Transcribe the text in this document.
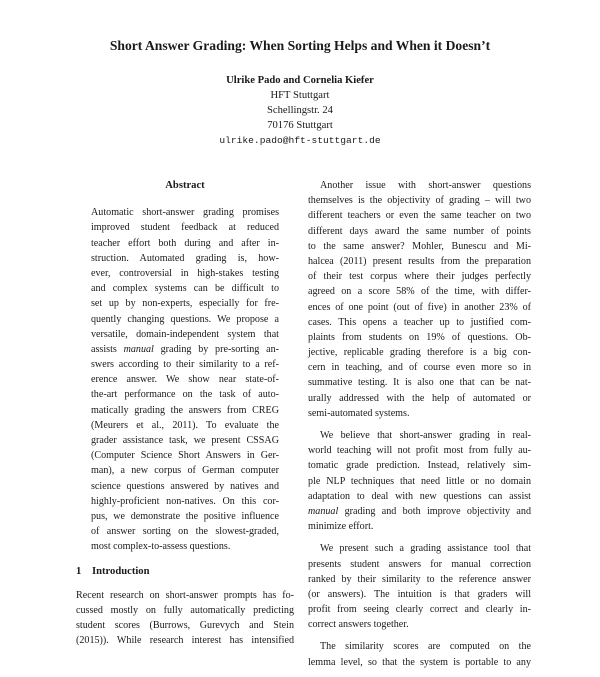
Short Answer Grading: When Sorting Helps and When it Doesn’t
Ulrike Pado and Cornelia Kiefer
HFT Stuttgart
Schellingstr. 24
70176 Stuttgart
ulrike.pado@hft-stuttgart.de
Abstract
Automatic short-answer grading promises
improved student feedback at reduced
teacher effort both during and after in-
struction. Automated grading is, how-
ever, controversial in high-stakes testing
and complex systems can be difficult to
set up by non-experts, especially for fre-
quently changing questions. We propose a
versatile, domain-independent system that
assists manual grading by pre-sorting an-
swers according to their similarity to a ref-
erence answer. We show near state-of-
the-art performance on the task of auto-
matically grading the answers from CREG
(Meurers et al., 2011). To evaluate the
grader assistance task, we present CSSAG
(Computer Science Short Answers in Ger-
man), a new corpus of German computer
science questions answered by natives and
highly-proficient non-natives. On this cor-
pus, we demonstrate the positive influence
of answer sorting on the slowest-graded,
most complex-to-assess questions.
1 Introduction
Recent research on short-answer prompts has fo-
cussed mostly on fully automatically predicting
student scores (Burrows, Gurevych and Stein
(2015)). While research interest has intensified
Another issue with short-answer questions
themselves is the objectivity of grading – will two
different teachers or even the same teacher on two
different days award the same number of points
to the same answer? Mohler, Bunescu and Mi-
halcea (2011) present results from the preparation
of their test corpus where their judges perfectly
agreed on a score 58% of the time, with differ-
ences of one point (out of five) in another 23% of
cases. This opens a teacher up to justified com-
plaints from students on 19% of questions. Ob-
jective, replicable grading therefore is a big con-
cern in teaching, and of course even more so in
summative testing. It is also one that can be nat-
urally addressed with the help of automated or
semi-automated systems.
We believe that short-answer grading in real-
world teaching will not profit most from fully au-
tomatic grade prediction. Instead, relatively sim-
ple NLP techniques that need little or no domain
adaptation to deal with new questions can assist
manual grading and both improve objectivity and
minimize effort.
We present such a grading assistance tool that
presents student answers for manual correction
ranked by their similarity to the reference answer
(or answers). The intuition is that graders will
profit from seeing clearly correct and clearly in-
correct answers together.
The similarity scores are computed on the
lemma level, so that the system is portable to any
